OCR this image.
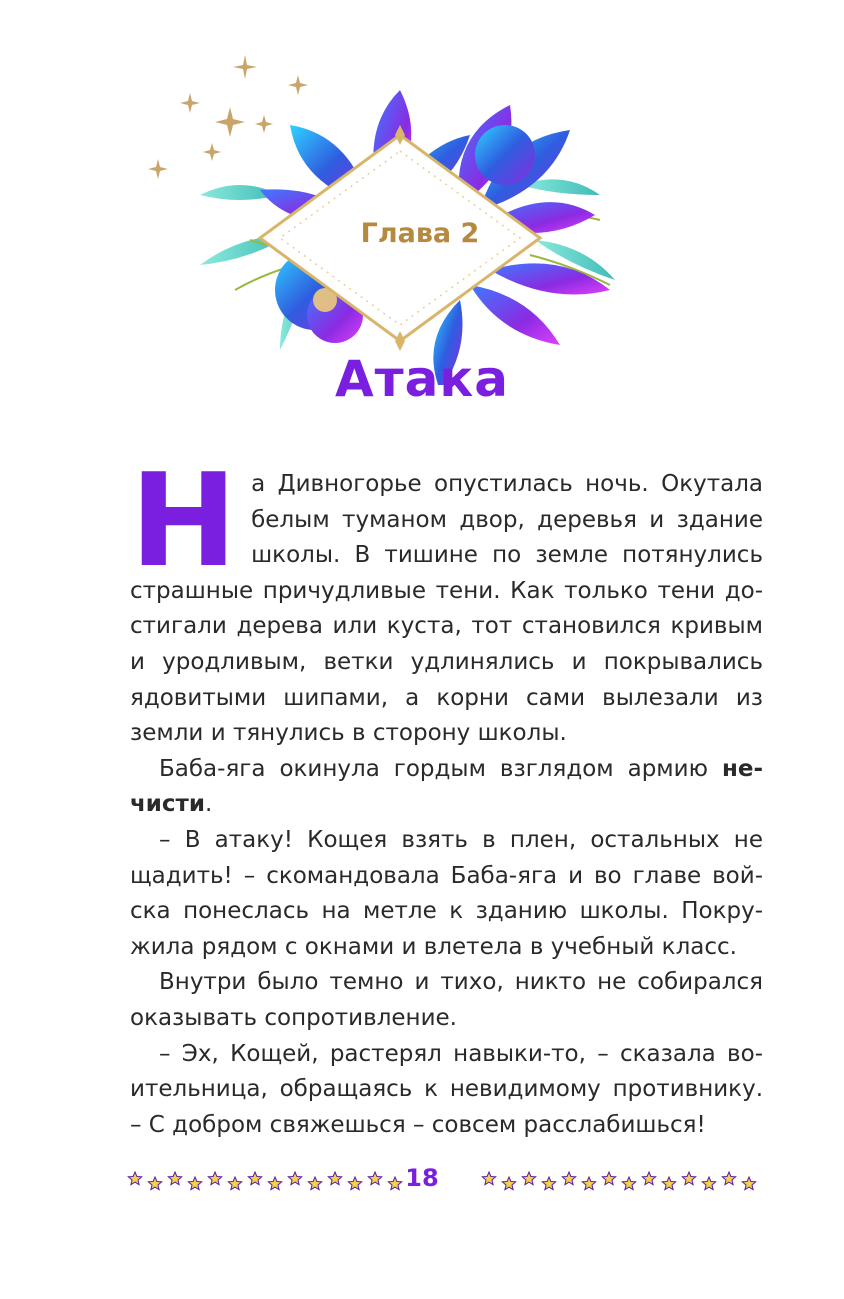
Глава 2
Атака

На Дивногорье опустилась ночь. Окутала белым туманом двор, деревья и здание школы. В тишине по земле потянулись страшные причудливые тени. Как только тени достигали дерева или куста, тот становился кривым и уродливым, ветки удлинялись и покрывались ядовитыми шипами, а корни сами вылезали из земли и тянулись в сторону школы.

Баба-яга окинула гордым взглядом армию нечисти.

– В атаку! Кощея взять в плен, остальных не щадить! – скомандовала Баба-яга и во главе войска понеслась на метле к зданию школы. Покружила рядом с окнами и влетела в учебный класс.

Внутри было темно и тихо, никто не собирался оказывать сопротивление.

– Эх, Кощей, растерял навыки-то, – сказала воительница, обращаясь к невидимому противнику. – С добром свяжешься – совсем расслабишься!

18
